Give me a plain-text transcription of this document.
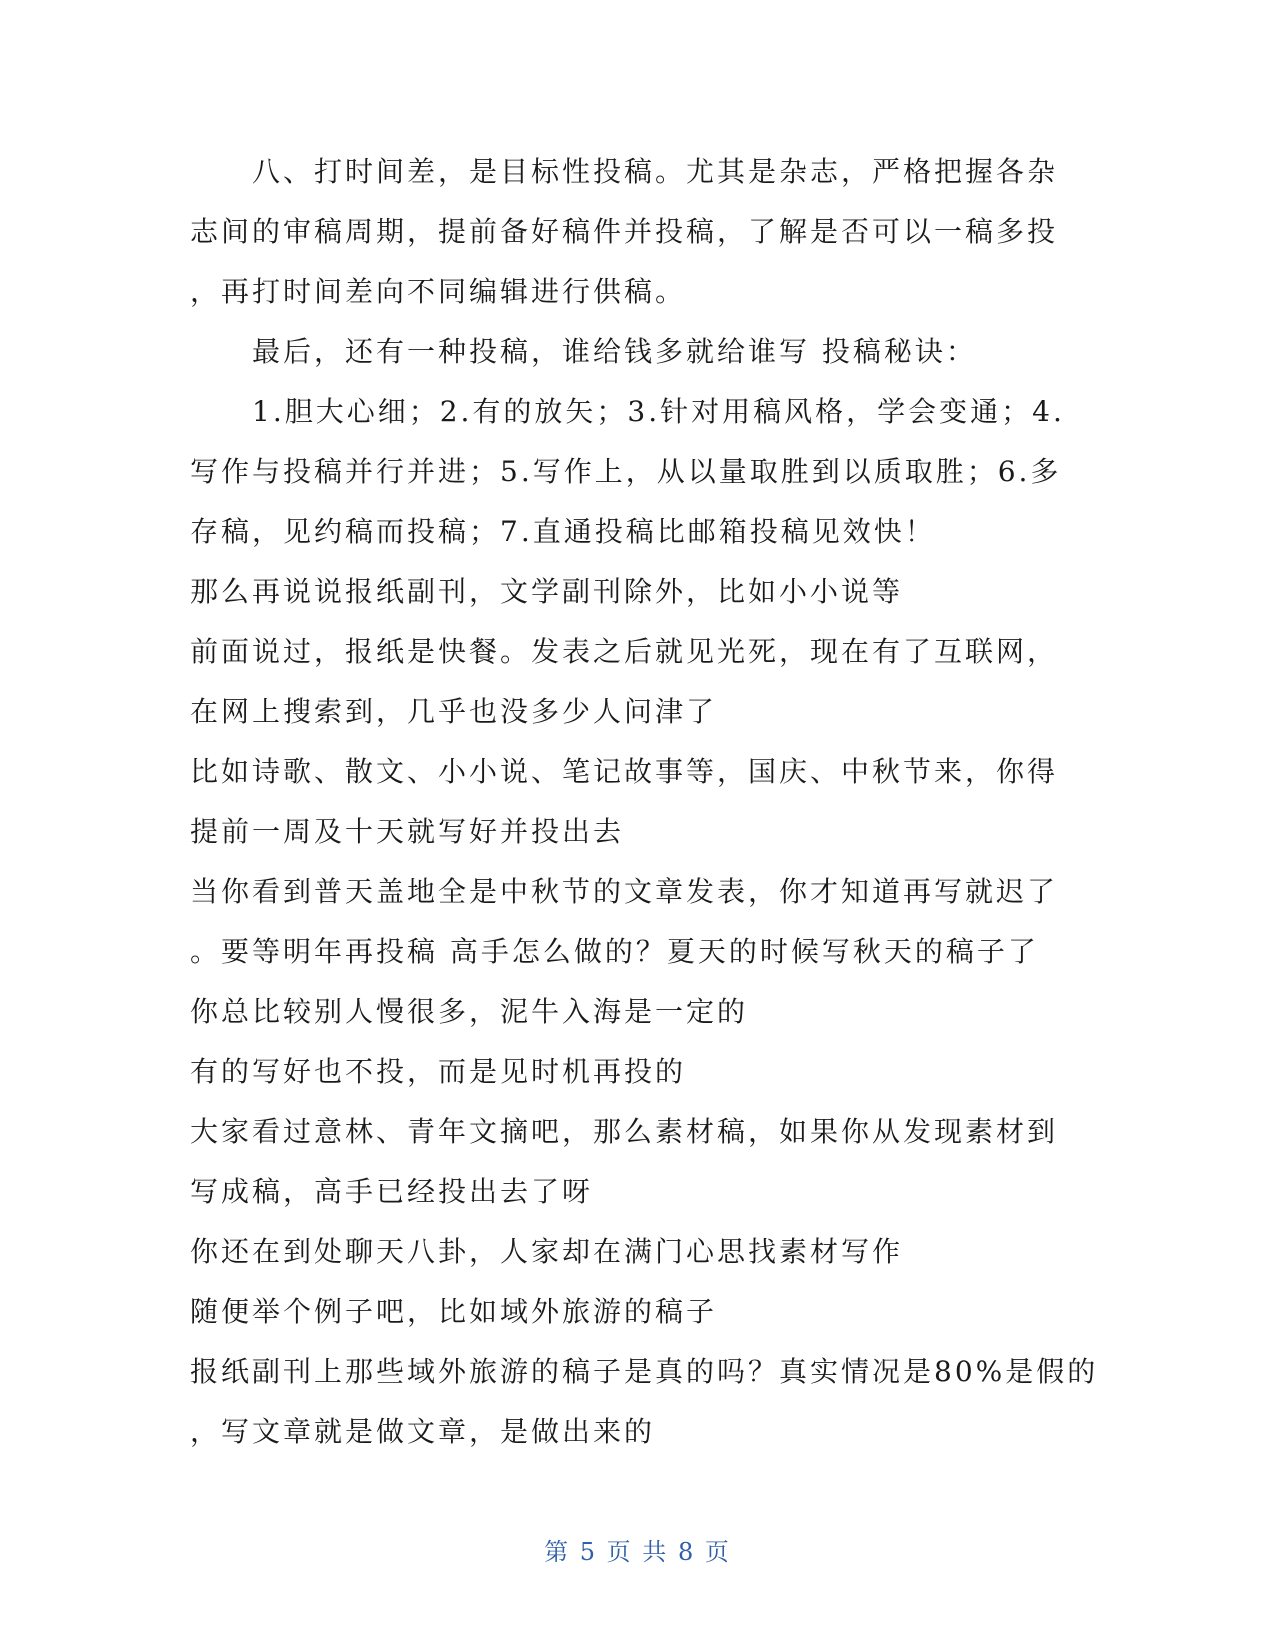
八、打时间差，是目标性投稿。尤其是杂志，严格把握各杂
志间的审稿周期，提前备好稿件并投稿，了解是否可以一稿多投
，再打时间差向不同编辑进行供稿。
最后，还有一种投稿，谁给钱多就给谁写 投稿秘诀：
1.胆大心细；2.有的放矢；3.针对用稿风格，学会变通；4.
写作与投稿并行并进；5.写作上，从以量取胜到以质取胜；6.多
存稿，见约稿而投稿；7.直通投稿比邮箱投稿见效快！
那么再说说报纸副刊，文学副刊除外，比如小小说等
前面说过，报纸是快餐。发表之后就见光死，现在有了互联网，
在网上搜索到，几乎也没多少人问津了
比如诗歌、散文、小小说、笔记故事等，国庆、中秋节来，你得
提前一周及十天就写好并投出去
当你看到普天盖地全是中秋节的文章发表，你才知道再写就迟了
。要等明年再投稿 高手怎么做的？夏天的时候写秋天的稿子了
你总比较别人慢很多，泥牛入海是一定的
有的写好也不投，而是见时机再投的
大家看过意林、青年文摘吧，那么素材稿，如果你从发现素材到
写成稿，高手已经投出去了呀
你还在到处聊天八卦，人家却在满门心思找素材写作
随便举个例子吧，比如域外旅游的稿子
报纸副刊上那些域外旅游的稿子是真的吗？真实情况是80%是假的
，写文章就是做文章，是做出来的
第 5 页 共 8 页
